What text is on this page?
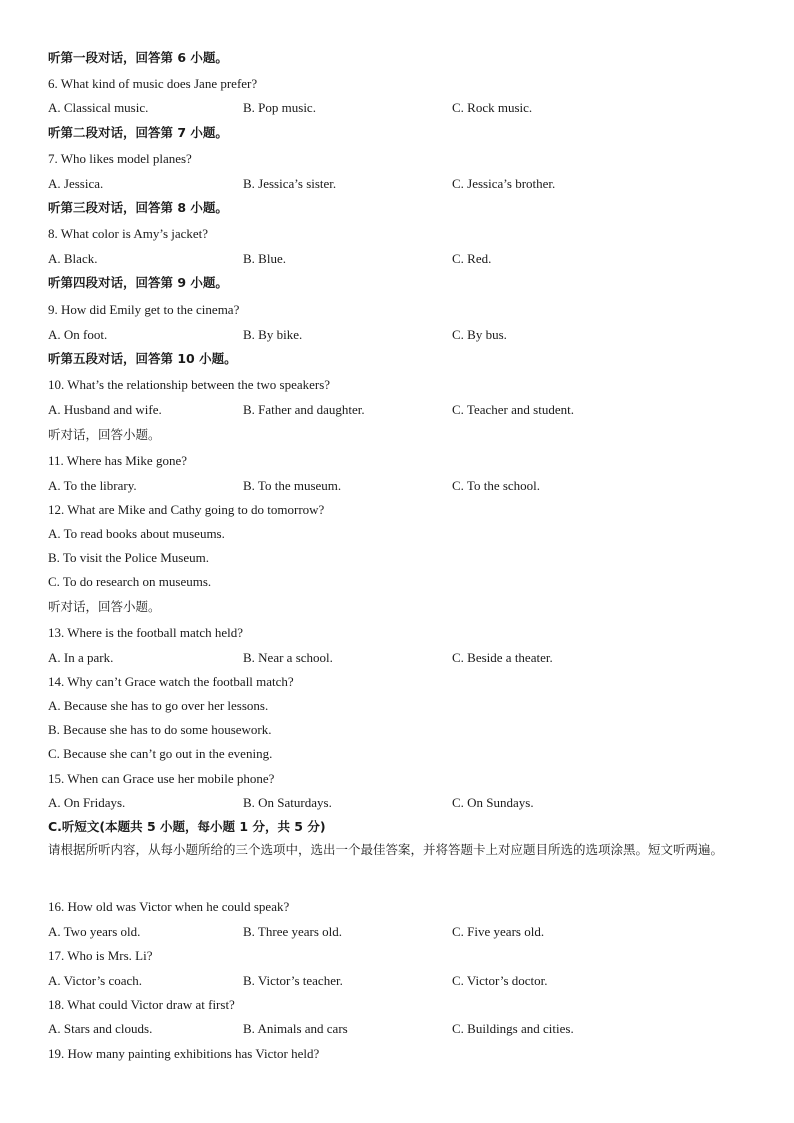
听第一段对话，回答第 6 小题。
6. What kind of music does Jane prefer?
A. Classical music.	B. Pop music.	C. Rock music.
听第二段对话，回答第 7 小题。
7. Who likes model planes?
A. Jessica.	B. Jessica’s sister.	C. Jessica’s brother.
听第三段对话，回答第 8 小题。
8. What color is Amy’s jacket?
A. Black.	B. Blue.	C. Red.
听第四段对话，回答第 9 小题。
9. How did Emily get to the cinema?
A. On foot.	B. By bike.	C. By bus.
听第五段对话，回答第 10 小题。
10. What’s the relationship between the two speakers?
A. Husband and wife.	B. Father and daughter.	C. Teacher and student.
听对话，回答小题。
11. Where has Mike gone?
A. To the library.	B. To the museum.	C. To the school.
12. What are Mike and Cathy going to do tomorrow?
A. To read books about museums.
B. To visit the Police Museum.
C. To do research on museums.
听对话，回答小题。
13. Where is the football match held?
A. In a park.	B. Near a school.	C. Beside a theater.
14. Why can’t Grace watch the football match?
A. Because she has to go over her lessons.
B. Because she has to do some housework.
C. Because she can’t go out in the evening.
15. When can Grace use her mobile phone?
A. On Fridays.	B. On Saturdays.	C. On Sundays.
C.听短文(本题共 5 小题，每小题 1 分，共 5 分)
请根据所听内容，从每小题所给的三个选项中，选出一个最佳答案，并将答题卡上对应题目所选的选项涂黑。短文听两遍。
16. How old was Victor when he could speak?
A. Two years old.	B. Three years old.	C. Five years old.
17. Who is Mrs. Li?
A. Victor’s coach.	B. Victor’s teacher.	C. Victor’s doctor.
18. What could Victor draw at first?
A. Stars and clouds.	B. Animals and cars	C. Buildings and cities.
19. How many painting exhibitions has Victor held?
